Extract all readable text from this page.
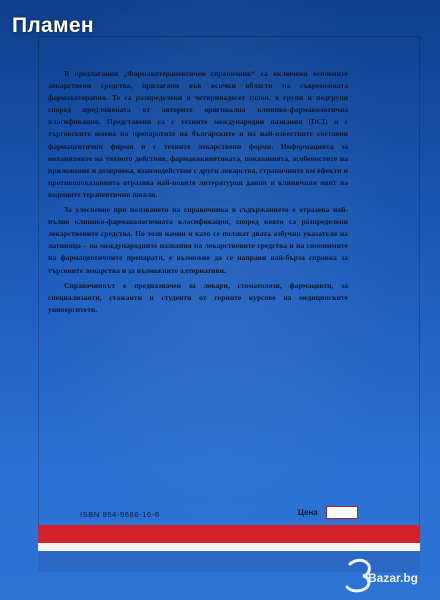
В предлагания „Фармакотерапевтичен справочник“ са включени основните лекарствени средства, прилагани във всички области на съвременната фармакотерапия. Те са разпределени в четиринадесет глави, в групи и подгрупи според предложената от авторите оригинална клинико-фармакологична класификация. Представени са с техните международни названия (DCI) и с търговските имена на препаратите на българските и на най-известните световни фармацевтични фирми и с техните лекарствени форми. Информацията за механизмите на тяхното действие, фармакокинетиката, показанията, особеностите на приложение и дозировка, взаимодействие с други лекарства, страничните им ефекти и противопоказанията отразява най-новите литературни данни и клиничния опит на водещите терапевтични школи.

За улеснение при ползването на справочника в съдържанието е отразена най-пълно клинико-фармакологичната класификация, според която са разпределени лекарствените средства. По този начин и като се ползват двата азбучни указателя на латиница – на международните названия на лекарствените средства и на синонимите на фармацевтичните препарати, е възможно да се направи най-бърза справка за търсените лекарства и за възможните алтернативи.

Справочникът е предназначен за лекари, стоматолози, фармацевти, за специализанти, стажанти и студенти от горните курсове на медицинските университети.

ISBN 954-9666-16-6	Цена
Bazar.bg
Пламен
